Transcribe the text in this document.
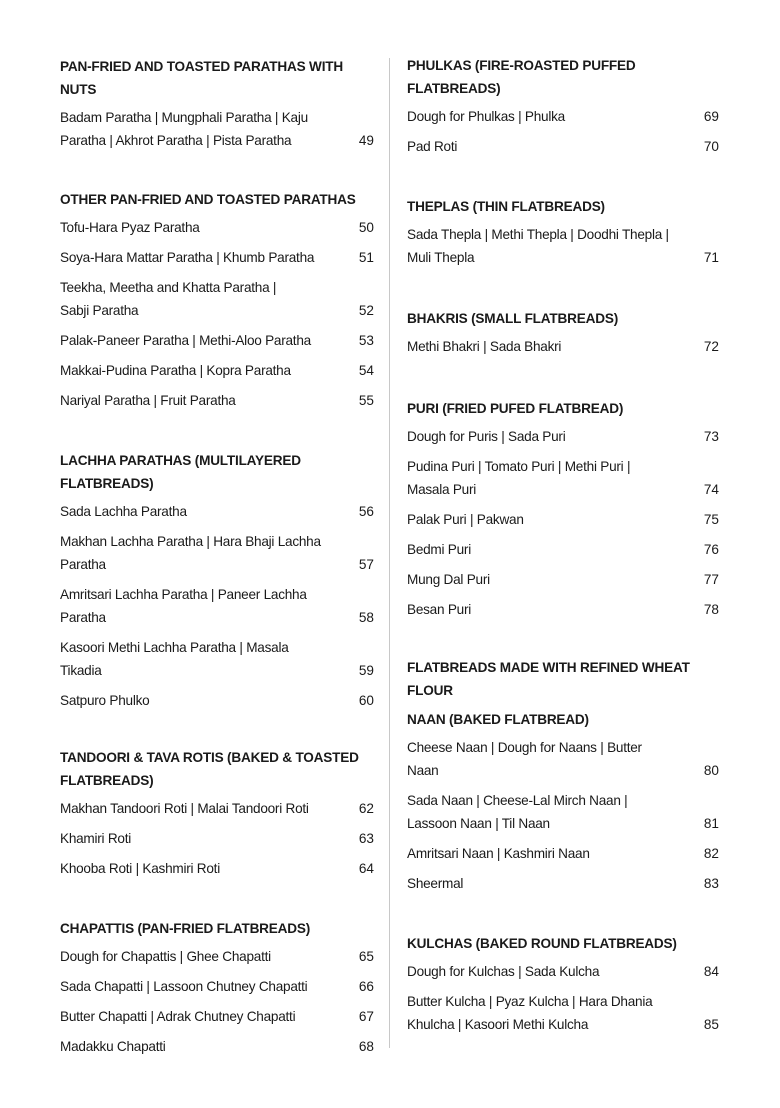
PAN-FRIED AND TOASTED PARATHAS WITH
NUTS
Badam Paratha | Mungphali Paratha | Kaju
Paratha | Akhrot Paratha | Pista Paratha	49
OTHER PAN-FRIED AND TOASTED PARATHAS
Tofu-Hara Pyaz Paratha	50
Soya-Hara Mattar Paratha | Khumb Paratha	51
Teekha, Meetha and Khatta Paratha |
Sabji Paratha	52
Palak-Paneer Paratha | Methi-Aloo Paratha	53
Makkai-Pudina Paratha | Kopra Paratha	54
Nariyal Paratha | Fruit Paratha	55
LACHHA PARATHAS (MULTILAYERED
FLATBREADS)
Sada Lachha Paratha	56
Makhan Lachha Paratha | Hara Bhaji Lachha
Paratha	57
Amritsari Lachha Paratha | Paneer Lachha
Paratha	58
Kasoori Methi Lachha Paratha | Masala
Tikadia	59
Satpuro Phulko	60
TANDOORI & TAVA ROTIS (BAKED & TOASTED
FLATBREADS)
Makhan Tandoori Roti | Malai Tandoori Roti	62
Khamiri Roti	63
Khooba Roti | Kashmiri Roti	64
CHAPATTIS (PAN-FRIED FLATBREADS)
Dough for Chapattis | Ghee Chapatti	65
Sada Chapatti | Lassoon Chutney Chapatti	66
Butter Chapatti | Adrak Chutney Chapatti	67
Madakku Chapatti	68
PHULKAS (FIRE-ROASTED PUFFED
FLATBREADS)
Dough for Phulkas | Phulka	69
Pad Roti	70
THEPLAS (THIN FLATBREADS)
Sada Thepla | Methi Thepla | Doodhi Thepla |
Muli Thepla	71
BHAKRIS (SMALL FLATBREADS)
Methi Bhakri | Sada Bhakri	72
PURI (FRIED PUFED FLATBREAD)
Dough for Puris | Sada Puri	73
Pudina Puri | Tomato Puri | Methi Puri |
Masala Puri	74
Palak Puri | Pakwan	75
Bedmi Puri	76
Mung Dal Puri	77
Besan Puri	78
FLATBREADS MADE WITH REFINED WHEAT
FLOUR
NAAN (BAKED FLATBREAD)
Cheese Naan | Dough for Naans | Butter
Naan	80
Sada Naan | Cheese-Lal Mirch Naan |
Lassoon Naan | Til Naan	81
Amritsari Naan | Kashmiri Naan	82
Sheermal	83
KULCHAS (BAKED ROUND FLATBREADS)
Dough for Kulchas | Sada Kulcha	84
Butter Kulcha | Pyaz Kulcha | Hara Dhania
Khulcha | Kasoori Methi Kulcha	85
